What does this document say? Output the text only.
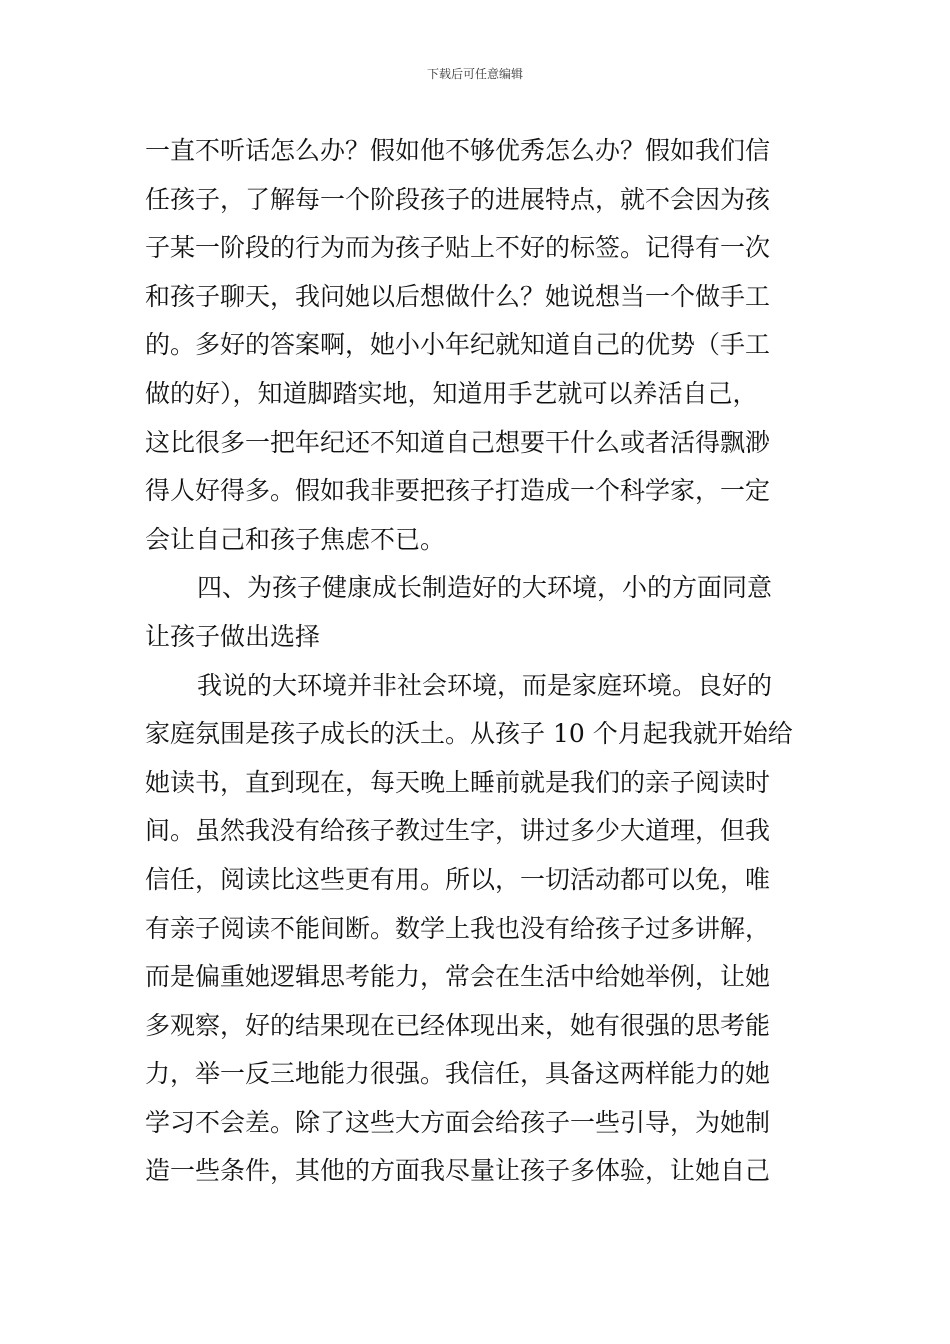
下载后可任意编辑
一直不听话怎么办？假如他不够优秀怎么办？假如我们信
任孩子，了解每一个阶段孩子的进展特点，就不会因为孩
子某一阶段的行为而为孩子贴上不好的标签。记得有一次
和孩子聊天，我问她以后想做什么？她说想当一个做手工
的。多好的答案啊，她小小年纪就知道自己的优势（手工
做的好），知道脚踏实地，知道用手艺就可以养活自己，
这比很多一把年纪还不知道自己想要干什么或者活得飘渺
得人好得多。假如我非要把孩子打造成一个科学家，一定
会让自己和孩子焦虑不已。
四、为孩子健康成长制造好的大环境，小的方面同意
让孩子做出选择
我说的大环境并非社会环境，而是家庭环境。良好的
家庭氛围是孩子成长的沃土。从孩子 10 个月起我就开始给
她读书，直到现在，每天晚上睡前就是我们的亲子阅读时
间。虽然我没有给孩子教过生字，讲过多少大道理，但我
信任，阅读比这些更有用。所以，一切活动都可以免，唯
有亲子阅读不能间断。数学上我也没有给孩子过多讲解，
而是偏重她逻辑思考能力，常会在生活中给她举例，让她
多观察，好的结果现在已经体现出来，她有很强的思考能
力，举一反三地能力很强。我信任，具备这两样能力的她
学习不会差。除了这些大方面会给孩子一些引导，为她制
造一些条件，其他的方面我尽量让孩子多体验，让她自己
